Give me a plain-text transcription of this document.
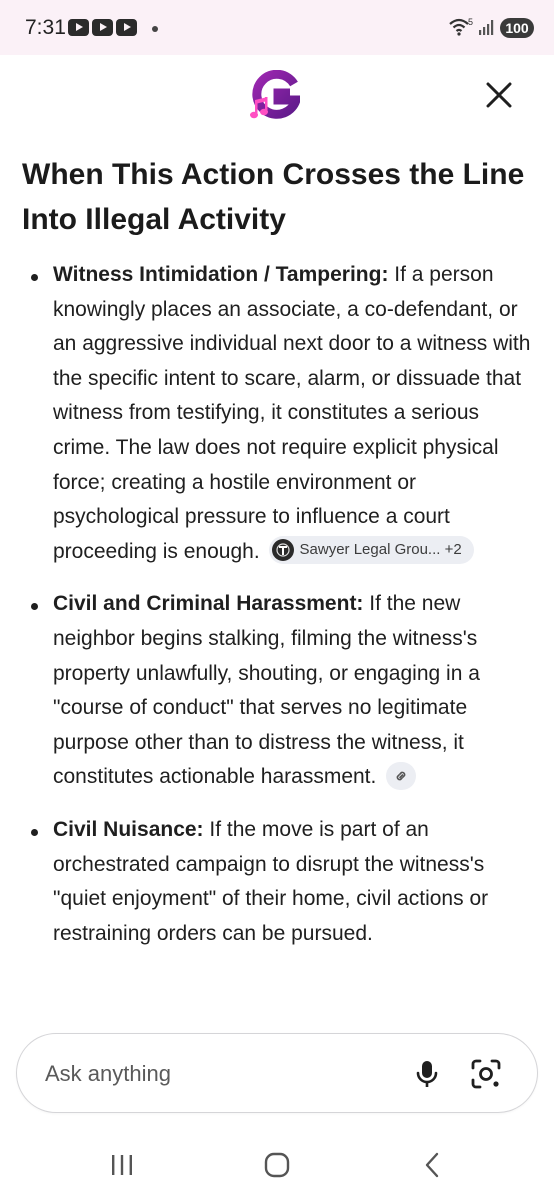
7:31	5	100
When This Action Crosses the Line Into Illegal Activity
Witness Intimidation / Tampering: If a person knowingly places an associate, a co-defendant, or an aggressive individual next door to a witness with the specific intent to scare, alarm, or dissuade that witness from testifying, it constitutes a serious crime. The law does not require explicit physical force; creating a hostile environment or psychological pressure to influence a court proceeding is enough.	Sawyer Legal Grou... +2
Civil and Criminal Harassment: If the new neighbor begins stalking, filming the witness's property unlawfully, shouting, or engaging in a "course of conduct" that serves no legitimate purpose other than to distress the witness, it constitutes actionable harassment.
Civil Nuisance: If the move is part of an orchestrated campaign to disrupt the witness's "quiet enjoyment" of their home, civil actions or restraining orders can be pursued.
Ask anything
